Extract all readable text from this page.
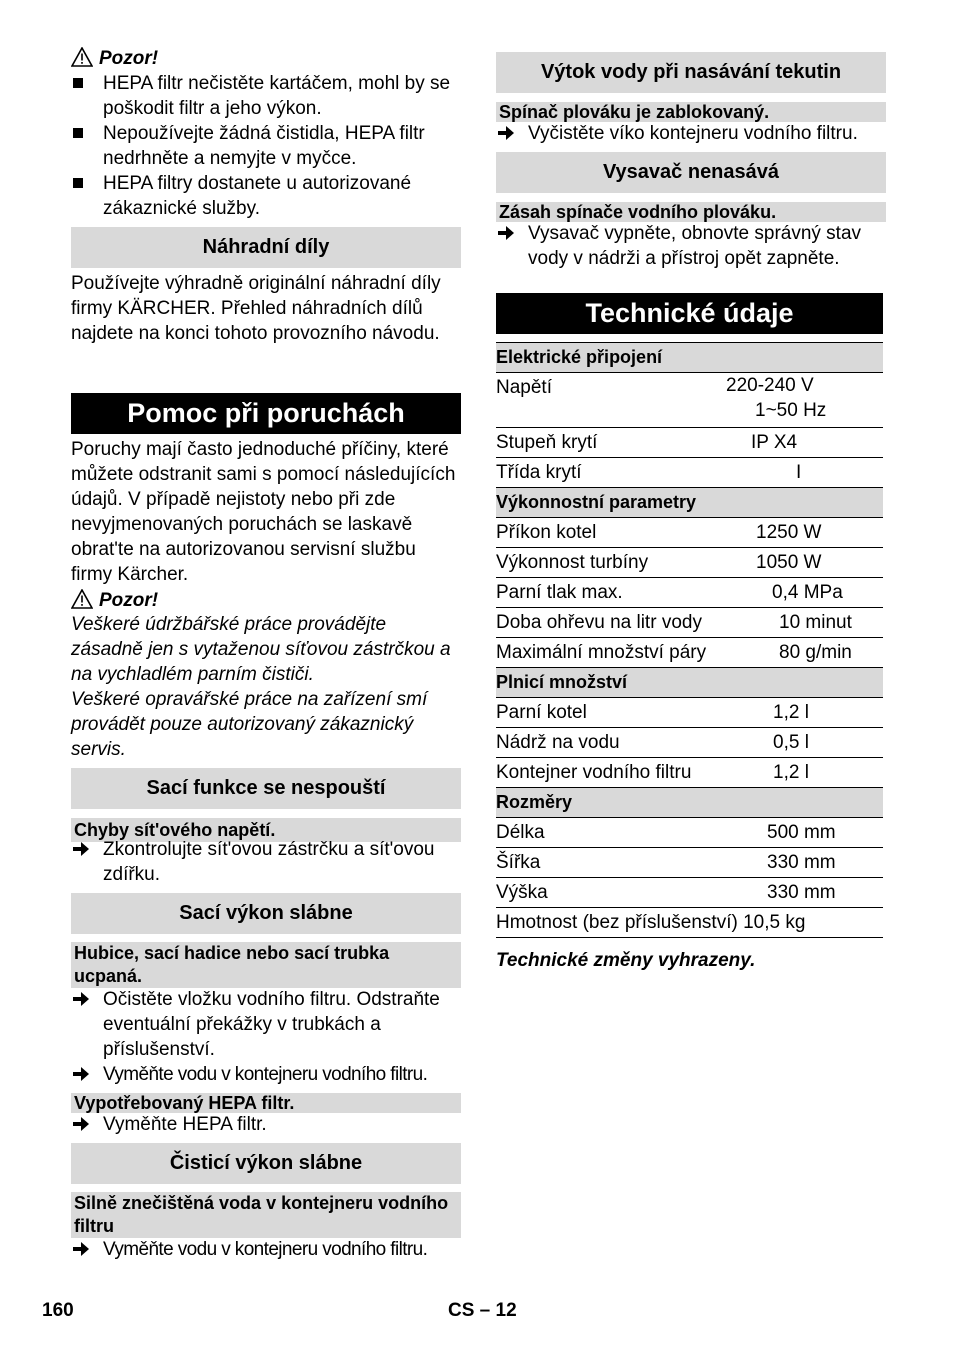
Pozor!
HEPA filtr nečistěte kartáčem, mohl by se poškodit filtr a jeho výkon.
Nepoužívejte žádná čistidla, HEPA filtr nedrhněte a nemyjte v myčce.
HEPA filtry dostanete u autorizované zákaznické služby.
Náhradní díly
Používejte výhradně originální náhradní díly firmy KÄRCHER. Přehled náhradních dílů najdete na konci tohoto provozního návodu.
Pomoc při poruchách
Poruchy mají často jednoduché příčiny, které můžete odstranit sami s pomocí následujících údajů. V případě nejistoty nebo při zde nevyjmenovaných poruchách se laskavě obrat'te na autorizovanou servisní službu firmy Kärcher.
Pozor!
Veškeré údržbářské práce provádějte zásadně jen s vytaženou síťovou zástrčkou a na vychladlém parním čističi.
Veškeré opravářské práce na zařízení smí provádět pouze autorizovaný zákaznický servis.
Sací funkce se nespouští
Chyby sít'ového napětí.
Zkontrolujte sít'ovou zástrčku a sít'ovou zdířku.
Sací výkon slábne
Hubice, sací hadice nebo sací trubka ucpaná.
Očistěte vložku vodního filtru. Odstraňte eventuální překážky v trubkách a příslušenství.
Vyměňte vodu v kontejneru vodního filtru.
Vypotřebovaný HEPA filtr.
Vyměňte HEPA filtr.
Čisticí výkon slábne
Silně znečištěná voda v kontejneru vodního filtru
Vyměňte vodu v kontejneru vodního filtru.
Výtok vody při nasávání tekutin
Spínač plováku je zablokovaný.
Vyčistěte víko kontejneru vodního filtru.
Vysavač nenasává
Zásah spínače vodního plováku.
Vysavač vypněte, obnovte správný stav vody v nádrži a přístroj opět zapněte.
Technické údaje
Elektrické připojení	
Napětí	220-240 V
1~50 Hz

Stupeň krytí	IP X4
Třída krytí	I
Výkonnostní parametry	
Příkon kotel	1250 W
Výkonnost turbíny	1050 W
Parní tlak max.	0,4 MPa
Doba ohřevu na litr vody	10 minut
Maximální množství páry	80 g/min
Plnicí množství	
Parní kotel	1,2 l
Nádrž na vodu	0,5 l
Kontejner vodního filtru	1,2 l
Rozměry	
Délka	500 mm
Šířka	330 mm
Výška	330 mm
Hmotnost (bez příslušenství) 10,5 kg	
Technické změny vyhrazeny.
160	CS – 12
